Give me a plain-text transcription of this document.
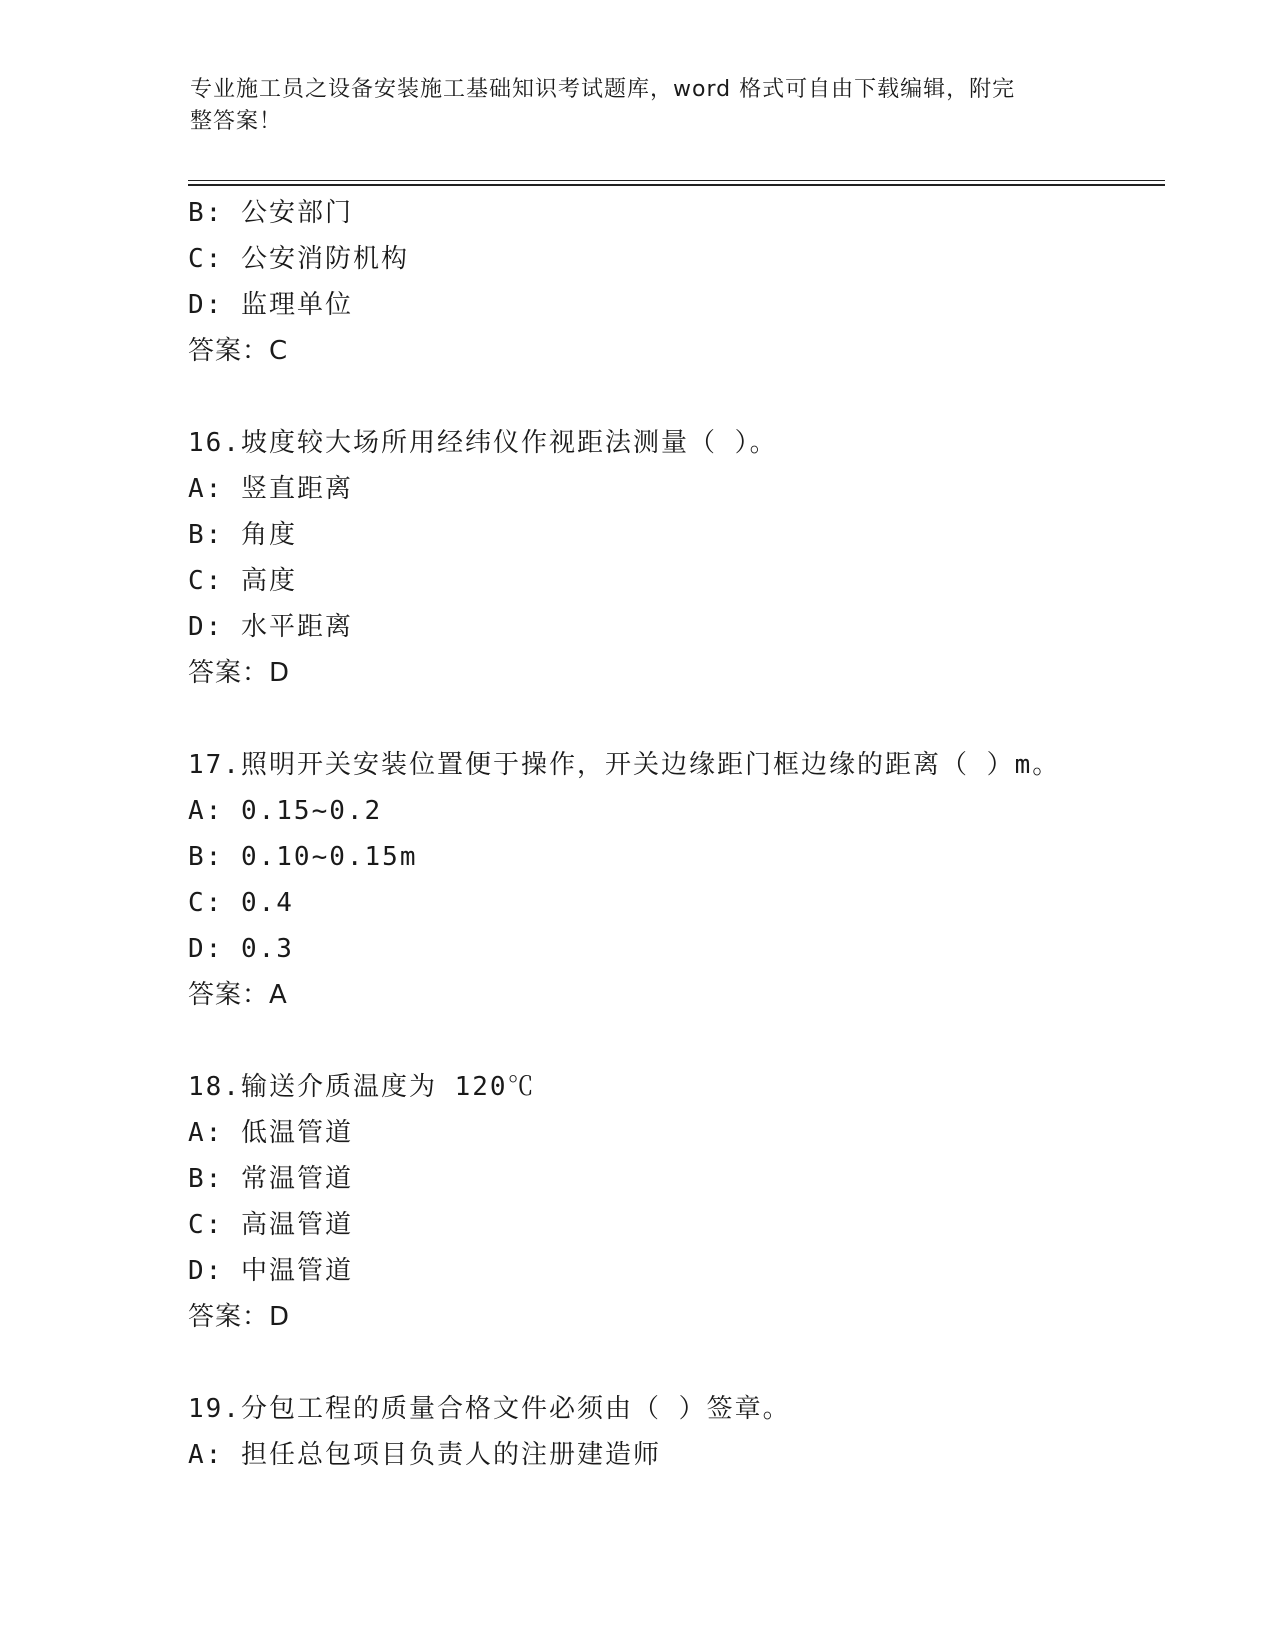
专业施工员之设备安装施工基础知识考试题库，word 格式可自由下载编辑，附完
整答案！
B: 公安部门
C: 公安消防机构
D: 监理单位
答案：C
16.坡度较大场所用经纬仪作视距法测量（ ）。
A: 竖直距离
B: 角度
C: 高度
D: 水平距离
答案：D
17.照明开关安装位置便于操作，开关边缘距门框边缘的距离（ ）m。
A: 0.15~0.2
B: 0.10~0.15m
C: 0.4
D: 0.3
答案：A
18.输送介质温度为 120℃
A: 低温管道
B: 常温管道
C: 高温管道
D: 中温管道
答案：D
19.分包工程的质量合格文件必须由（ ）签章。
A: 担任总包项目负责人的注册建造师
